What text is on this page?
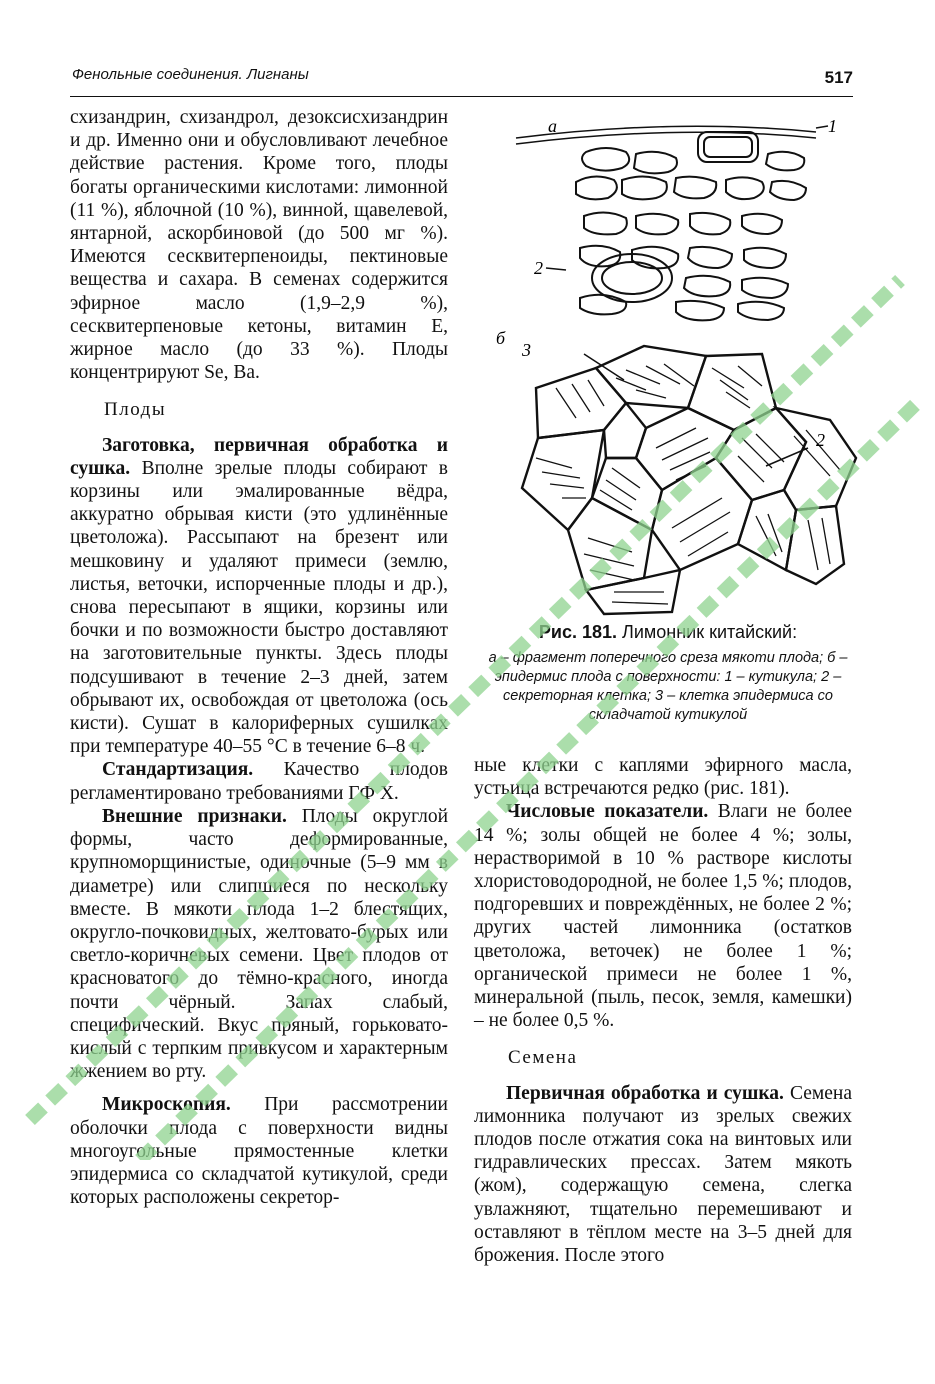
Фенольные соединения. Лигнаны	517

схизандрин, схизандрол, дезоксисхизандрин и др. Именно они и обусловливают лечебное действие растения. Кроме того, плоды богаты органическими кислотами: лимонной (11 %), яблочной (10 %), винной, щавелевой, янтарной, аскорбиновой (до 500 мг %). Имеются сесквитерпеноиды, пектиновые вещества и сахара. В семенах содержится эфирное масло (1,9–2,9 %), сесквитерпеновые кетоны, витамин Е, жирное масло (до 33 %). Плоды концентрируют Se, Ba.

Плоды

Заготовка, первичная обработка и сушка. Вполне зрелые плоды собирают в корзины или эмалированные вёдра, аккуратно обрывая кисти (это удлинённые цветоложа). Рассыпают на брезент или мешковину и удаляют примеси (землю, листья, веточки, испорченные плоды и др.), снова пересыпают в ящики, корзины или бочки и по возможности быстро доставляют на заготовительные пункты. Здесь плоды подсушивают в течение 2–3 дней, затем обрывают их, освобождая от цветоложа (ось кисти). Сушат в калориферных сушилках при температуре 40–55 °С в течение 6–8 ч.

Стандартизация. Качество плодов регламентировано требованиями ГФ Х.

Внешние признаки. Плоды округлой формы, часто деформированные, крупноморщинистые, одиночные (5–9 мм в диаметре) или слипшиеся по нескольку вместе. В мякоти плода 1–2 блестящих, округло-почковидных, желтовато-бурых или светло-коричневых семени. Цвет плодов от красноватого до тёмно-красного, иногда почти чёрный. Запах слабый, специфический. Вкус пряный, горьковато-кислый с терпким привкусом и характерным жжением во рту.

Микроскопия. При рассмотрении оболочки плода с поверхности видны многоугольные прямостенные клетки эпидермиса со складчатой кутикулой, среди которых расположены секретор-

а	1
2
б
3
2
Рис. 181. Лимонник китайский:
а – фрагмент поперечного среза мякоти плода; б – эпидермис плода с поверхности: 1 – кутикула; 2 – секреторная клетка; 3 – клетка эпидермиса со складчатой кутикулой

ные клетки с каплями эфирного масла, устьица встречаются редко (рис. 181).

Числовые показатели. Влаги не более 14 %; золы общей не более 4 %; золы, нерастворимой в 10 % растворе кислоты хлористоводородной, не более 1,5 %; плодов, подгоревших и повреждённых, не более 2 %; других частей лимонника (остатков цветоложа, веточек) не более 1 %; органической примеси не более 1 %, минеральной (пыль, песок, земля, камешки) – не более 0,5 %.

Семена

Первичная обработка и сушка. Семена лимонника получают из зрелых свежих плодов после отжатия сока на винтовых или гидравлических прессах. Затем мякоть (жом), содержащую семена, слегка увлажняют, тщательно перемешивают и оставляют в тёплом месте на 3–5 дней для брожения. После этого
